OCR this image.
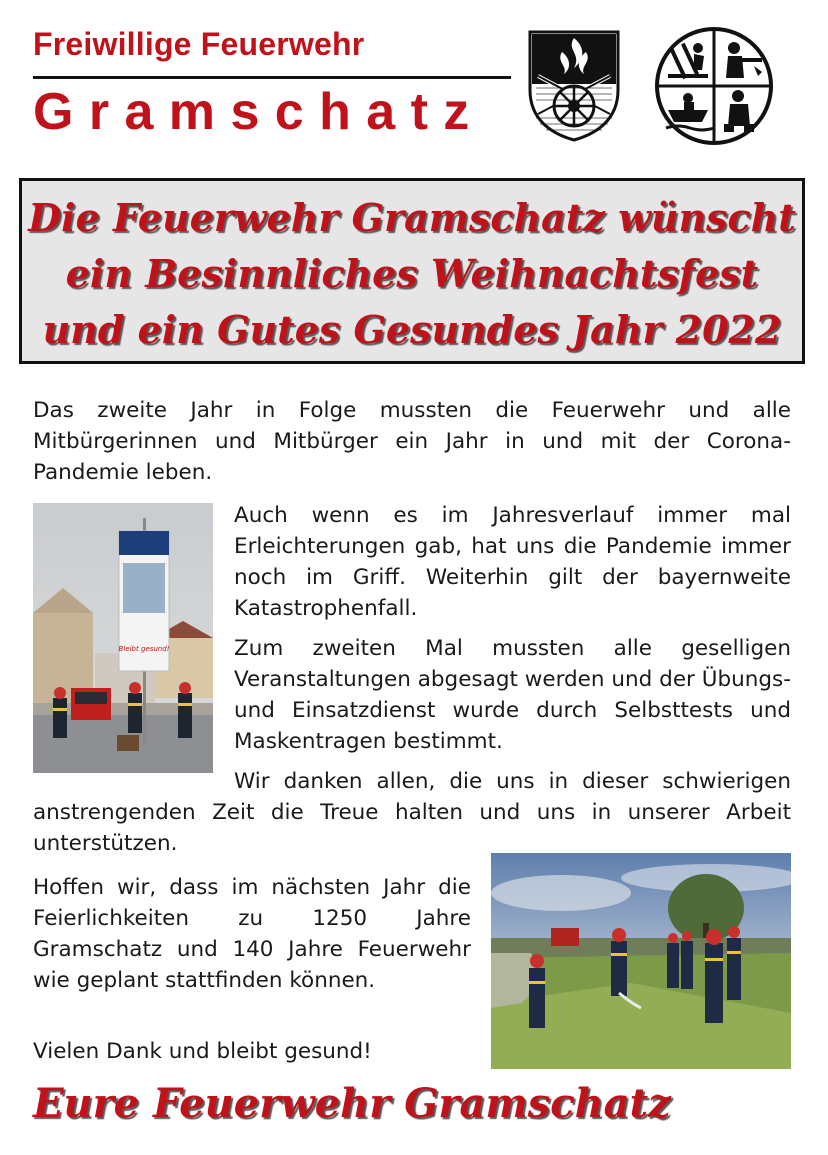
Freiwillige Feuerwehr
Gramschatz
Die Feuerwehr Gramschatz wünscht
ein Besinnliches Weihnachtsfest
und ein Gutes Gesundes Jahr 2022

Das zweite Jahr in Folge mussten die Feuerwehr und alle Mitbürgerinnen und Mitbürger ein Jahr in und mit der Corona-Pandemie leben.

Bleibt gesund!

Auch wenn es im Jahresverlauf immer mal Erleichterungen gab, hat uns die Pandemie immer noch im Griff. Weiterhin gilt der bayernweite Katastrophenfall.

Zum zweiten Mal mussten alle geselligen Veranstaltungen abgesagt werden und der Übungs- und Einsatzdienst wurde durch Selbsttests und Maskentragen bestimmt.

Wir danken allen, die uns in dieser schwierigen anstrengenden Zeit die Treue halten und uns in unserer Arbeit unterstützen.

Hoffen wir, dass im nächsten Jahr die Feierlichkeiten zu 1250 Jahre Gramschatz und 140 Jahre Feuerwehr wie geplant stattfinden können.

Vielen Dank und bleibt gesund!

Eure Feuerwehr Gramschatz
